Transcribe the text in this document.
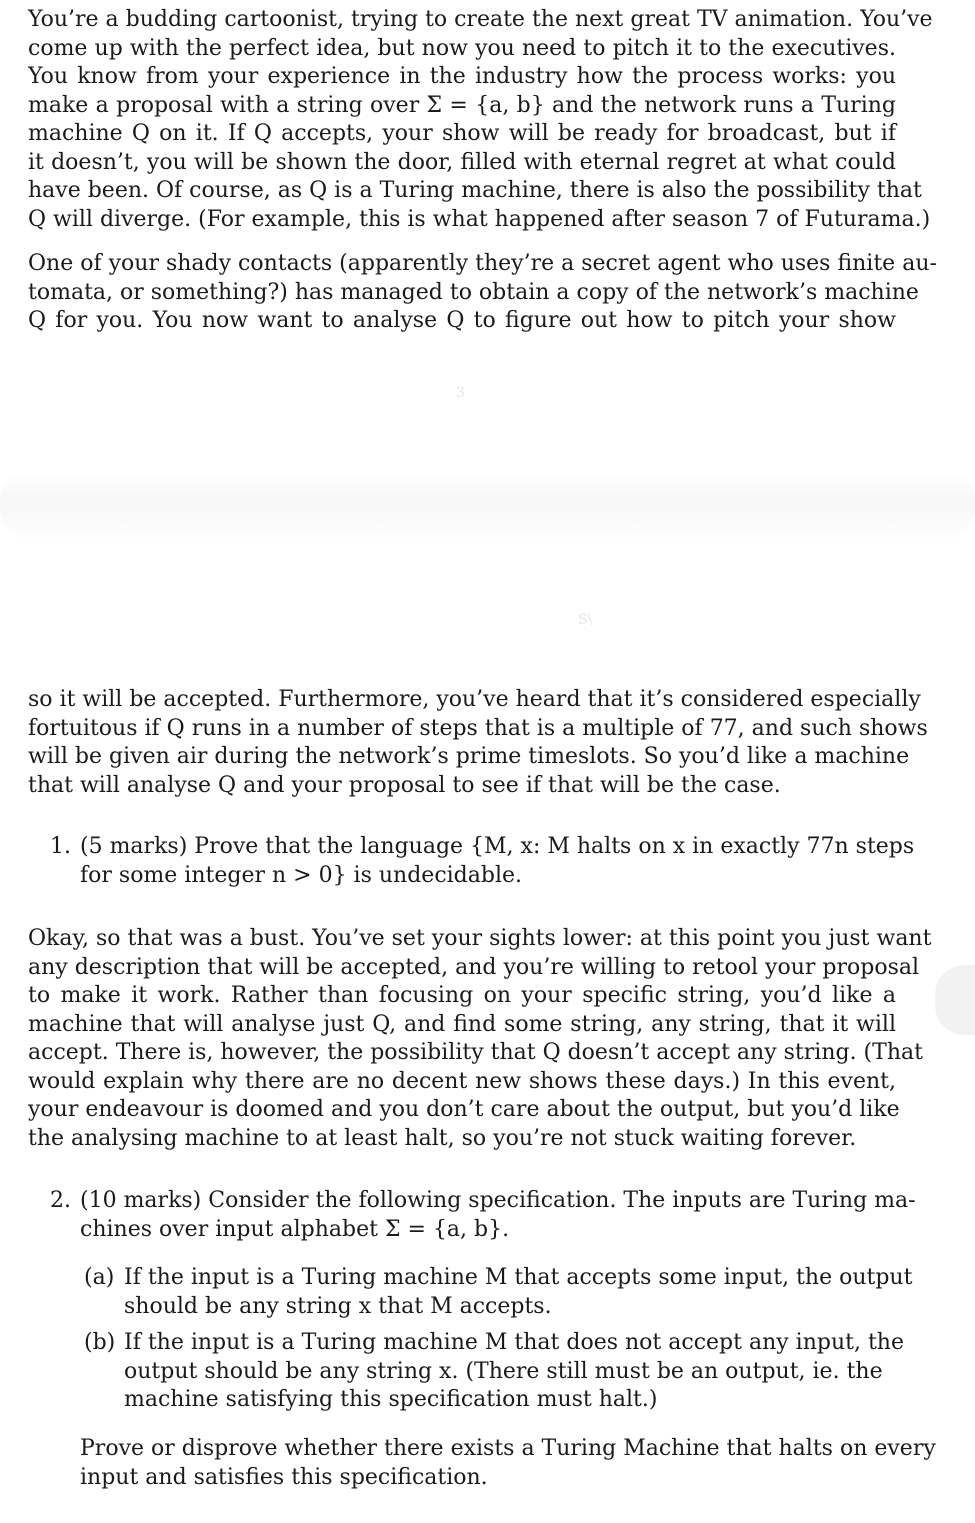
You’re a budding cartoonist, trying to create the next great TV animation. You’ve
come up with the perfect idea, but now you need to pitch it to the executives.
You know from your experience in the industry how the process works: you
make a proposal with a string over Σ = {a, b} and the network runs a Turing
machine Q on it. If Q accepts, your show will be ready for broadcast, but if
it doesn’t, you will be shown the door, filled with eternal regret at what could
have been. Of course, as Q is a Turing machine, there is also the possibility that
Q will diverge. (For example, this is what happened after season 7 of Futurama.)
One of your shady contacts (apparently they’re a secret agent who uses finite au-
tomata, or something?) has managed to obtain a copy of the network’s machine
Q for you. You now want to analyse Q to figure out how to pitch your show
3
S\
so it will be accepted. Furthermore, you’ve heard that it’s considered especially
fortuitous if Q runs in a number of steps that is a multiple of 77, and such shows
will be given air during the network’s prime timeslots. So you’d like a machine
that will analyse Q and your proposal to see if that will be the case.
1. (5 marks) Prove that the language {M, x: M halts on x in exactly 77n steps
for some integer n > 0} is undecidable.
Okay, so that was a bust. You’ve set your sights lower: at this point you just want
any description that will be accepted, and you’re willing to retool your proposal
to make it work. Rather than focusing on your specific string, you’d like a
machine that will analyse just Q, and find some string, any string, that it will
accept. There is, however, the possibility that Q doesn’t accept any string. (That
would explain why there are no decent new shows these days.) In this event,
your endeavour is doomed and you don’t care about the output, but you’d like
the analysing machine to at least halt, so you’re not stuck waiting forever.
2. (10 marks) Consider the following specification. The inputs are Turing ma-
chines over input alphabet Σ = {a, b}.
(a) If the input is a Turing machine M that accepts some input, the output
should be any string x that M accepts.
(b) If the input is a Turing machine M that does not accept any input, the
output should be any string x. (There still must be an output, ie. the
machine satisfying this specification must halt.)
Prove or disprove whether there exists a Turing Machine that halts on every
input and satisfies this specification.
